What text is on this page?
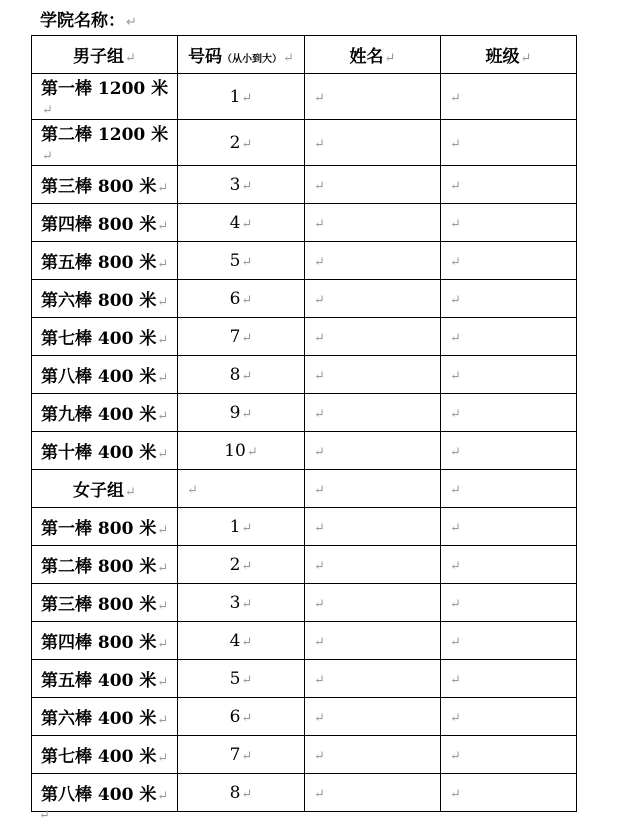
学院名称：↵
男子组↵	号码（从小到大）↵	姓名↵	班级↵
第一棒 1200 米↵	1↵	↵	↵
第二棒 1200 米↵	2↵	↵	↵
第三棒 800 米↵	3↵	↵	↵
第四棒 800 米↵	4↵	↵	↵
第五棒 800 米↵	5↵	↵	↵
第六棒 800 米↵	6↵	↵	↵
第七棒 400 米↵	7↵	↵	↵
第八棒 400 米↵	8↵	↵	↵
第九棒 400 米↵	9↵	↵	↵
第十棒 400 米↵	10↵	↵	↵
女子组↵	↵	↵	↵
第一棒 800 米↵	1↵	↵	↵
第二棒 800 米↵	2↵	↵	↵
第三棒 800 米↵	3↵	↵	↵
第四棒 800 米↵	4↵	↵	↵
第五棒 400 米↵	5↵	↵	↵
第六棒 400 米↵	6↵	↵	↵
第七棒 400 米↵	7↵	↵	↵
第八棒 400 米↵	8↵	↵	↵
↵
